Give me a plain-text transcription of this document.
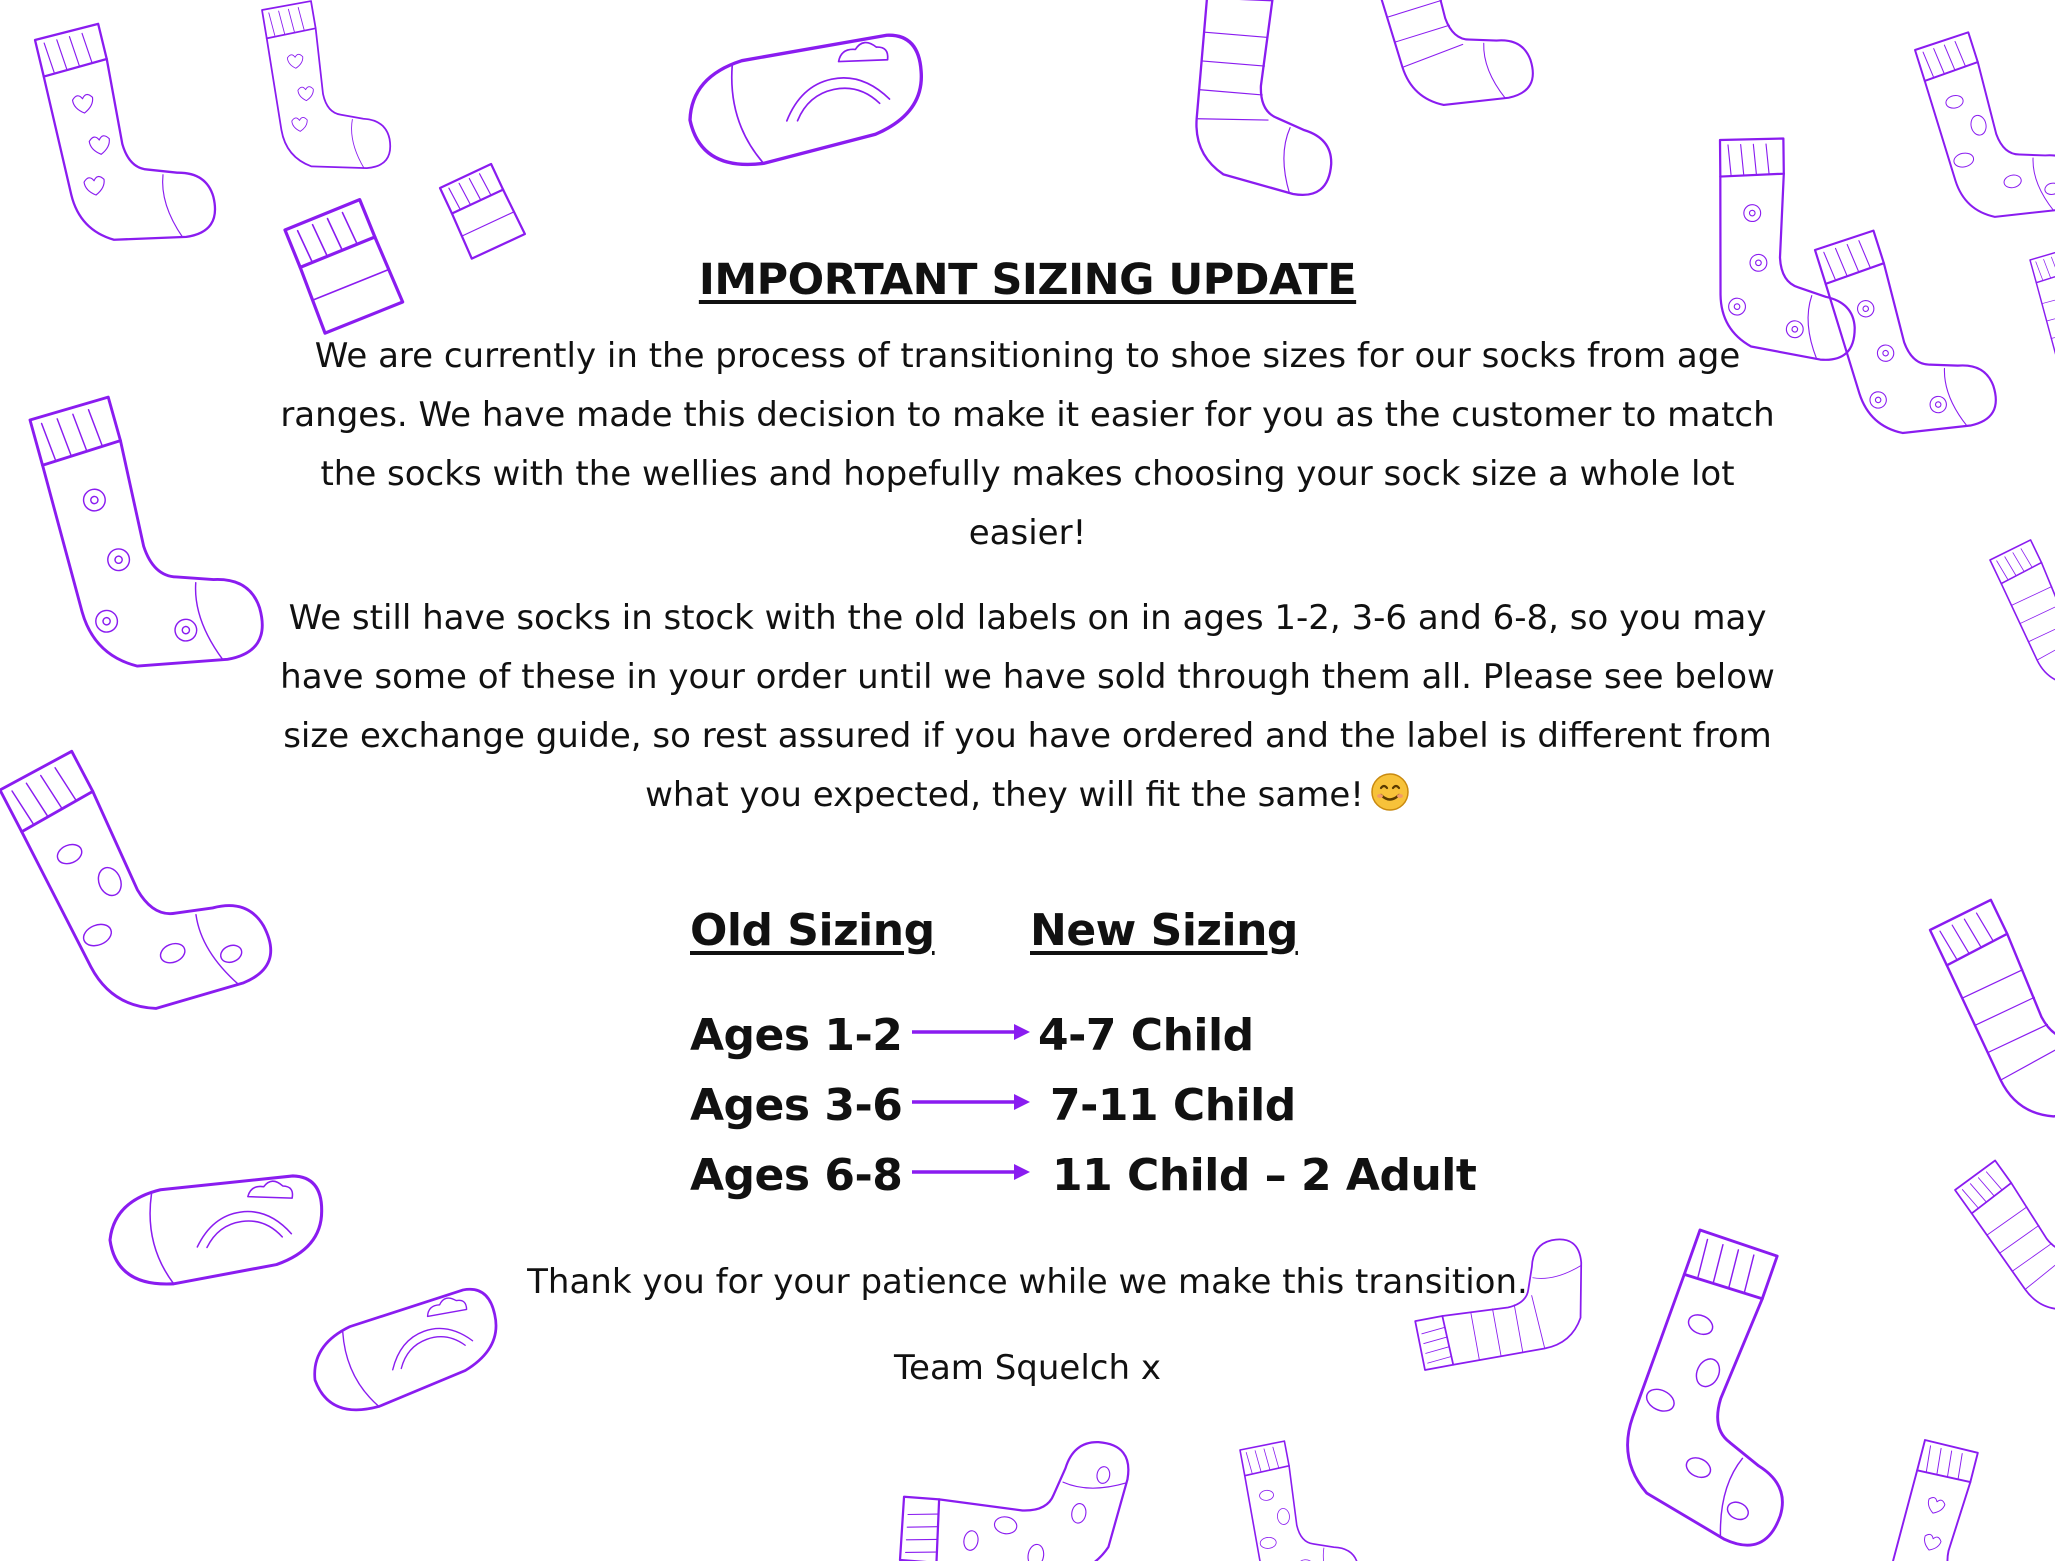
IMPORTANT SIZING UPDATE

We are currently in the process of transitioning to shoe sizes for our socks from age ranges. We have made this decision to make it easier for you as the customer to match the socks with the wellies and hopefully makes choosing your sock size a whole lot easier!

We still have socks in stock with the old labels on in ages 1-2, 3-6 and 6-8, so you may have some of these in your order until we have sold through them all. Please see below size exchange guide, so rest assured if you have ordered and the label is different from what you expected, they will fit the same!

Old Sizing New Sizing
Ages 1-2	4-7 Child
Ages 3-6	7-11 Child
Ages 6-8	11 Child – 2 Adult
Thank you for your patience while we make this transition.
Team Squelch x
